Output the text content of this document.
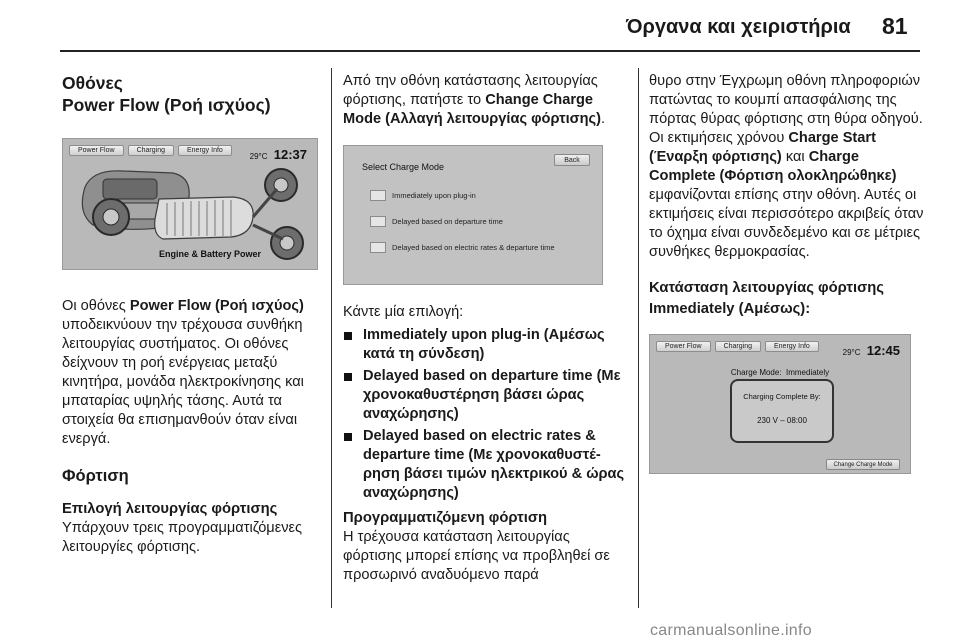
Όργανα και χειριστήρια 81
Οθόνες
Power Flow (Ροή ισχύος)
Power Flow	Charging	Energy Info
29°C 12:37
Engine & Battery Power

Οι οθόνες Power Flow (Ροή ισχύος) υποδεικνύουν την τρέχουσα συνθήκη λειτουργίας συστήματος. Οι οθόνες δείχνουν τη ροή ενέργειας μεταξύ κινητήρα, μονάδα ηλεκτροκίνησης και μπαταρίας υψηλής τάσης. Αυτά τα στοιχεία θα επισημανθούν όταν είναι ενεργά.

Φόρτιση
Επιλογή λειτουργίας φόρτισης

Υπάρχουν τρεις προγραμματιζόμενες λειτουργίες φόρτισης.

Από την οθόνη κατάστασης λειτουργίας φόρτισης, πατήστε το Change Charge Mode (Αλλαγή λειτουργίας φόρτισης).

Select Charge Mode
Back
Immediately upon plug-in
Delayed based on departure time
Delayed based on electric rates & departure time

Κάντε μία επιλογή:

Immediately upon plug-in (Αμέσως κατά τη σύνδεση)
Delayed based on departure time (Με χρονοκαθυστέρηση βάσει ώρας αναχώρησης)
Delayed based on electric rates & departure time (Με χρονοκαθυστέρηση βάσει τιμών ηλεκτρικού & ώρας αναχώρησης)
Προγραμματιζόμενη φόρτιση

Η τρέχουσα κατάσταση λειτουργίας φόρτισης μπορεί επίσης να προβληθεί σε προσωρινό αναδυόμενο παρά

θυρο στην Έγχρωμη οθόνη πληροφοριών πατώντας το κουμπί απασφάλισης της πόρτας θύρας φόρτισης στη θύρα οδηγού. Οι εκτιμήσεις χρόνου Charge Start (Έναρξη φόρτισης) και Charge Complete (Φόρτιση ολοκληρώθηκε) εμφανίζονται επίσης στην οθόνη. Αυτές οι εκτιμήσεις είναι περισσότερο ακριβείς όταν το όχημα είναι συνδεδεμένο και σε μέτριες συνθήκες θερμοκρασίας.

Κατάσταση λειτουργίας φόρτισης Immediately (Αμέσως):
Power Flow	Charging	Energy Info
29°C 12:45
Charge Mode:  Immediately
Charging Complete By:
230 V – 08:00
Change Charge Mode
carmanualsonline.info
